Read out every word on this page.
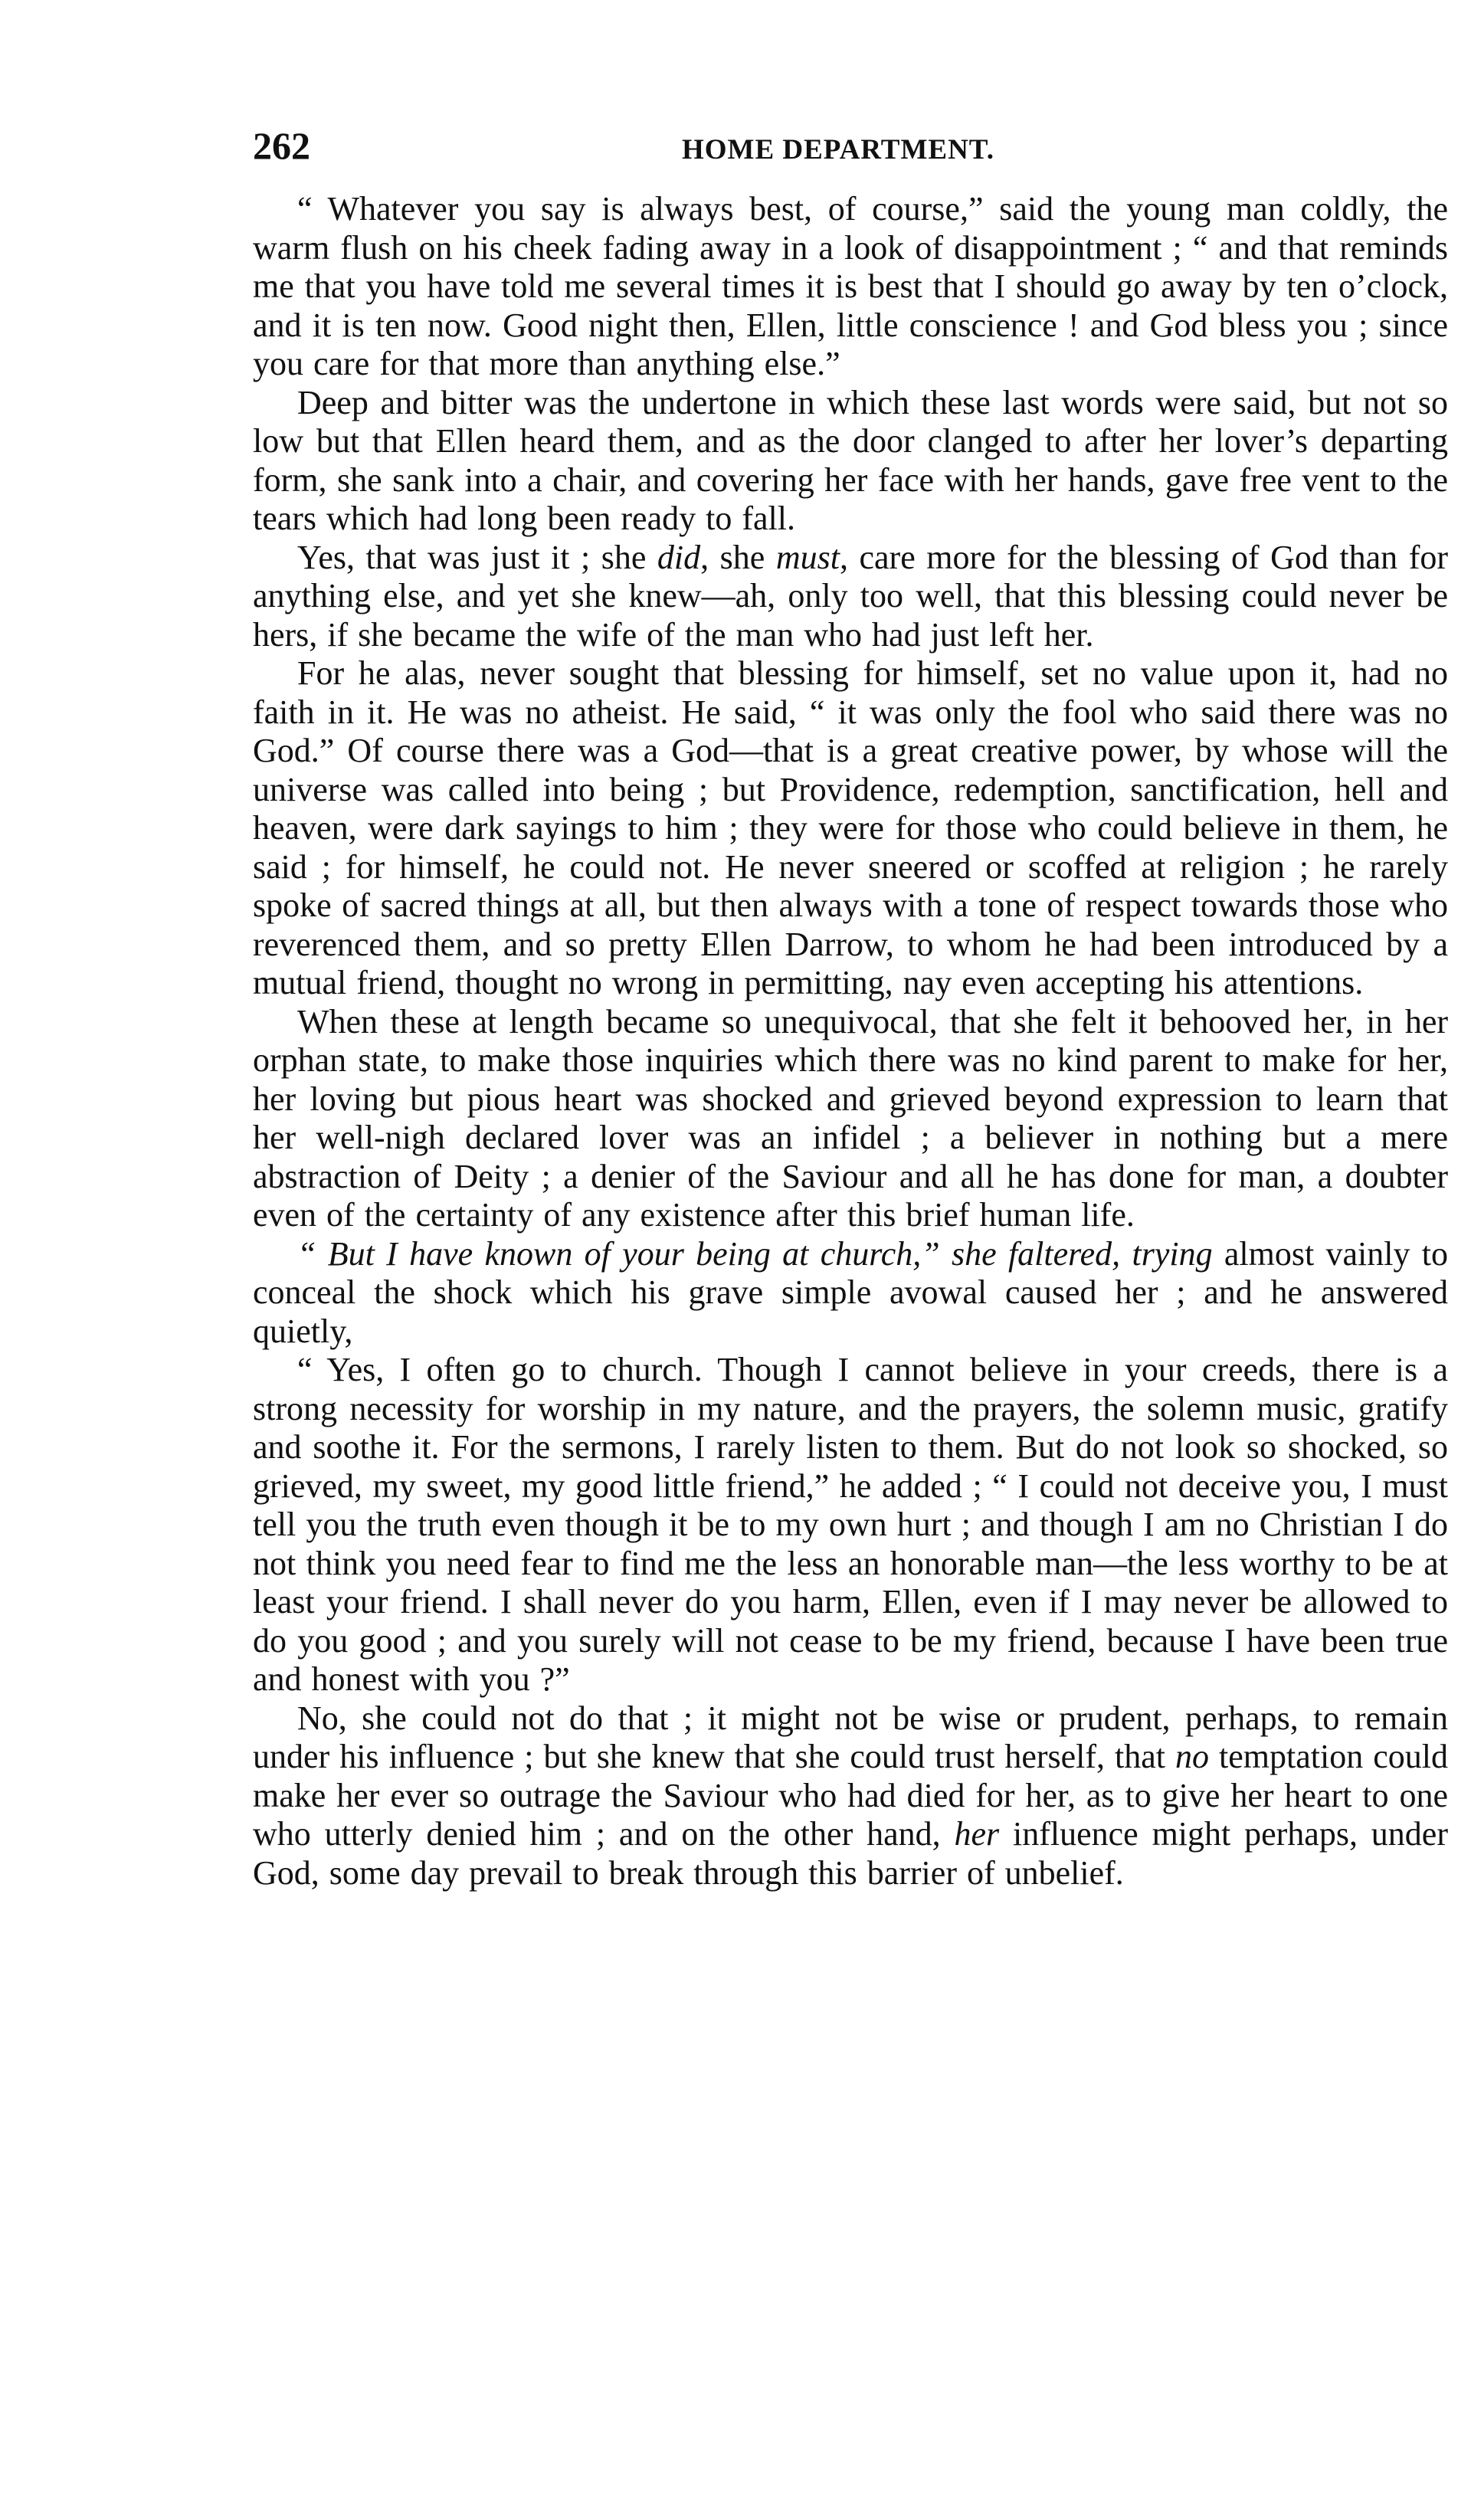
262	HOME DEPARTMENT.

“ Whatever you say is always best, of course,” said the young man coldly, the warm flush on his cheek fading away in a look of disappointment ; “ and that reminds me that you have told me several times it is best that I should go away by ten o’clock, and it is ten now. Good night then, Ellen, little conscience ! and God bless you ; since you care for that more than anything else.”

Deep and bitter was the undertone in which these last words were said, but not so low but that Ellen heard them, and as the door clanged to after her lover’s departing form, she sank into a chair, and covering her face with her hands, gave free vent to the tears which had long been ready to fall.

Yes, that was just it ; she did, she must, care more for the blessing of God than for anything else, and yet she knew—ah, only too well, that this blessing could never be hers, if she became the wife of the man who had just left her.

For he alas, never sought that blessing for himself, set no value upon it, had no faith in it. He was no atheist. He said, “ it was only the fool who said there was no God.” Of course there was a God—that is a great creative power, by whose will the universe was called into being ; but Providence, redemption, sanctification, hell and heaven, were dark sayings to him ; they were for those who could believe in them, he said ; for himself, he could not. He never sneered or scoffed at religion ; he rarely spoke of sacred things at all, but then always with a tone of respect towards those who reverenced them, and so pretty Ellen Darrow, to whom he had been introduced by a mutual friend, thought no wrong in permitting, nay even accepting his attentions.

When these at length became so unequivocal, that she felt it behooved her, in her orphan state, to make those inquiries which there was no kind parent to make for her, her loving but pious heart was shocked and grieved beyond expression to learn that her well-nigh declared lover was an infidel ; a believer in nothing but a mere abstraction of Deity ; a denier of the Saviour and all he has done for man, a doubter even of the certainty of any existence after this brief human life.

“ But I have known of your being at church,” she faltered, trying almost vainly to conceal the shock which his grave simple avowal caused her ; and he answered quietly,

“ Yes, I often go to church. Though I cannot believe in your creeds, there is a strong necessity for worship in my nature, and the prayers, the solemn music, gratify and soothe it. For the sermons, I rarely listen to them. But do not look so shocked, so grieved, my sweet, my good little friend,” he added ; “ I could not deceive you, I must tell you the truth even though it be to my own hurt ; and though I am no Christian I do not think you need fear to find me the less an honorable man—the less worthy to be at least your friend. I shall never do you harm, Ellen, even if I may never be allowed to do you good ; and you surely will not cease to be my friend, because I have been true and honest with you ?”

No, she could not do that ; it might not be wise or prudent, perhaps, to remain under his influence ; but she knew that she could trust herself, that no temptation could make her ever so outrage the Saviour who had died for her, as to give her heart to one who utterly denied him ; and on the other hand, her influence might perhaps, under God, some day prevail to break through this barrier of unbelief.
